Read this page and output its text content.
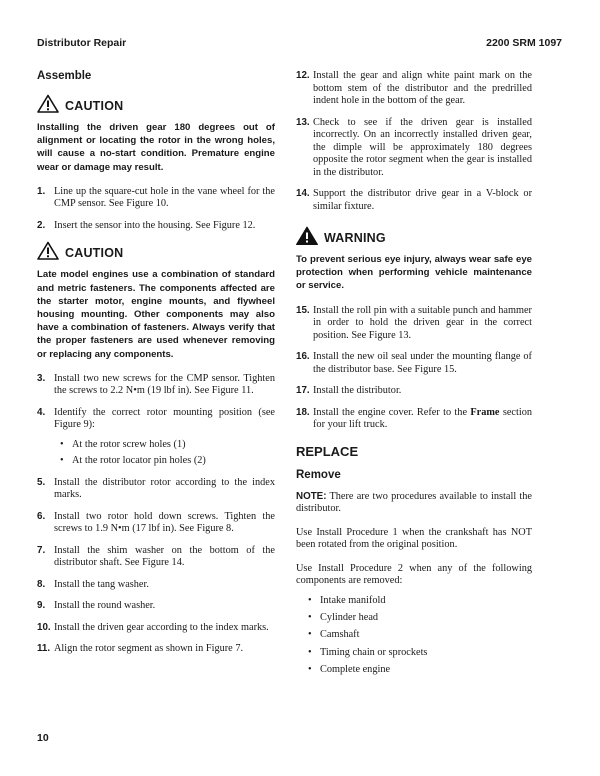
Distributor Repair	2200 SRM 1097
Assemble
CAUTION
Installing the driven gear 180 degrees out of alignment or locating the rotor in the wrong holes, will cause a no-start condition. Premature engine wear or damage may result.
1. Line up the square-cut hole in the vane wheel for the CMP sensor. See Figure 10.
2. Insert the sensor into the housing. See Figure 12.
CAUTION
Late model engines use a combination of standard and metric fasteners. The components affected are the starter motor, engine mounts, and flywheel housing mounting. Other components may also have a combination of fasteners. Always verify that the proper fasteners are used whenever removing or replacing any components.
3. Install two new screws for the CMP sensor. Tighten the screws to 2.2 N•m (19 lbf in). See Figure 11.
4. Identify the correct rotor mounting position (see Figure 9):
• At the rotor screw holes (1)
• At the rotor locator pin holes (2)
5. Install the distributor rotor according to the index marks.
6. Install two rotor hold down screws. Tighten the screws to 1.9 N•m (17 lbf in). See Figure 8.
7. Install the shim washer on the bottom of the distributor shaft. See Figure 14.
8. Install the tang washer.
9. Install the round washer.
10. Install the driven gear according to the index marks.
11. Align the rotor segment as shown in Figure 7.
12. Install the gear and align white paint mark on the bottom stem of the distributor and the predrilled indent hole in the bottom of the gear.
13. Check to see if the driven gear is installed incorrectly. On an incorrectly installed driven gear, the dimple will be approximately 180 degrees opposite the rotor segment when the gear is installed in the distributor.
14. Support the distributor drive gear in a V-block or similar fixture.
WARNING
To prevent serious eye injury, always wear safe eye protection when performing vehicle maintenance or service.
15. Install the roll pin with a suitable punch and hammer in order to hold the driven gear in the correct position. See Figure 13.
16. Install the new oil seal under the mounting flange of the distributor base. See Figure 15.
17. Install the distributor.
18. Install the engine cover. Refer to the Frame section for your lift truck.
REPLACE
Remove
NOTE: There are two procedures available to install the distributor.
Use Install Procedure 1 when the crankshaft has NOT been rotated from the original position.
Use Install Procedure 2 when any of the following components are removed:
• Intake manifold
• Cylinder head
• Camshaft
• Timing chain or sprockets
• Complete engine
10
